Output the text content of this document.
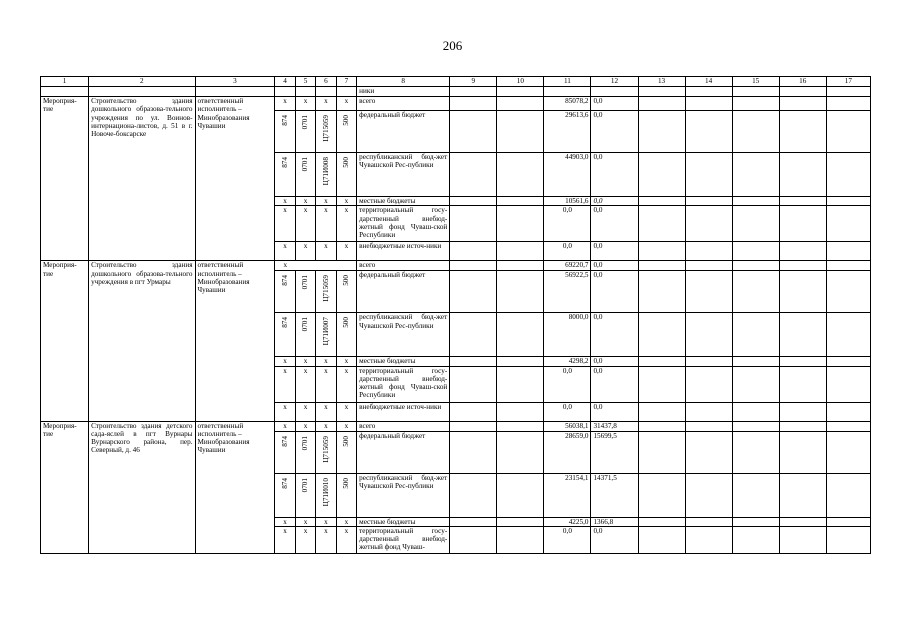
206
1	2	3	4	5	6	7	8	9	10	11	12	13	14	15	16	17
							ники									
Мероприя-тие	Строительство здания дошкольного образова-тельного учреждения по ул. Воинов-интернациона-листов, д. 51 в г. Новоче-боксарске	ответственный исполнитель – Минобразования Чувашии	x	x	x	x	всего			85078,2	0,0					
			874	0701	Ц715059	500	федеральный бюджет			29613,6	0,0					
			874	0701	Ц71И008	500	республиканский бюд-жет Чувашской Рес-публики			44903,0	0,0					
			x	x	x	x	местные бюджеты			10561,6	0,0					
			x	x	x	x	территориальный госу-дарственный внебюд-жетный фонд Чуваш-ской Республики			0,0	0,0					
			x	x	x	x	внебюджетные источ-ники			0,0	0,0					
Мероприя-тие	Строительство здания дошкольного образова-тельного учреждения в пгт Урмары	ответственный исполнитель – Минобразования Чувашии	x				всего			69220,7	0,0					
			874	0701	Ц715059	500	федеральный бюджет			56922,5	0,0					
			874	0701	Ц71И007	500	республиканский бюд-жет Чувашской Рес-публики			8000,0	0,0					
			x	x	x	x	местные бюджеты			4298,2	0,0					
			x	x	x	x	территориальный госу-дарственный внебюд-жетный фонд Чуваш-ской Республики			0,0	0,0					
			x	x	x	x	внебюджетные источ-ники			0,0	0,0					
Мероприя-тие	Строительство здания детского сада-яслей в пгт Вурнары Вурнарского района, пер. Северный, д. 46	ответственный исполнитель – Минобразования Чувашии	x	x	x	x	всего			56038,1	31437,8					
			874	0701	Ц715059	500	федеральный бюджет			28659,0	15699,5					
			874	0701	Ц71И010	500	республиканский бюд-жет Чувашской Рес-публики			23154,1	14371,5					
			x	x	x	x	местные бюджеты			4225,0	1366,8					
			x	x	x	x	территориальный госу-дарственный внебюд-жетный фонд Чуваш-			0,0	0,0					
